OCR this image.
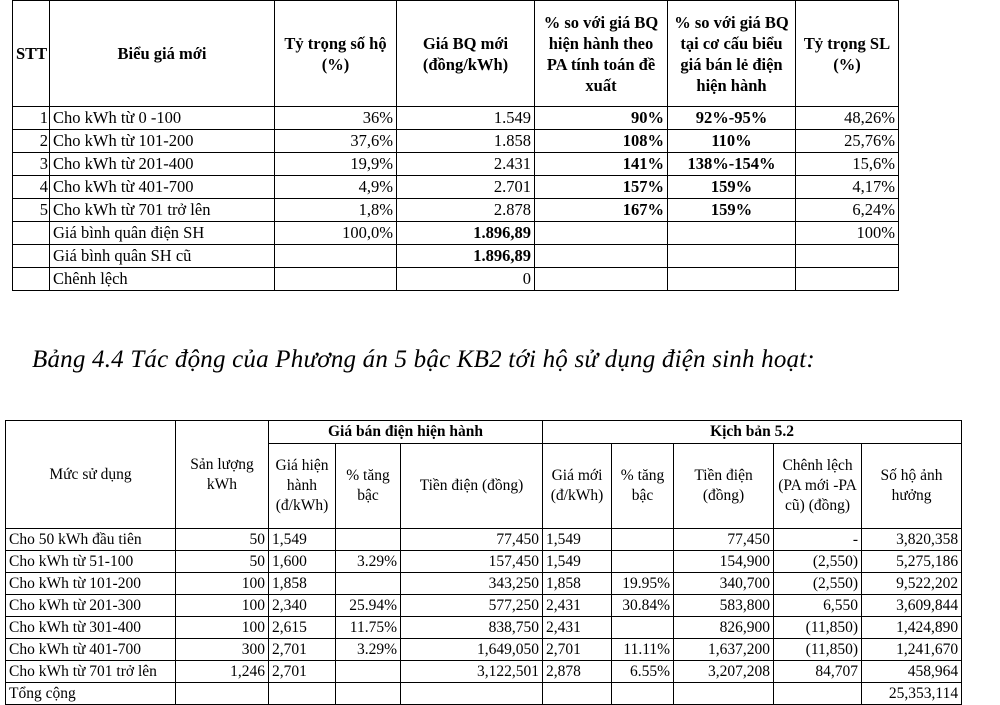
STT	Biểu giá mới	Tỷ trọng số hộ (%)	Giá BQ mới (đồng/kWh)	% so với giá BQ hiện hành theo PA tính toán đề xuất	% so với giá BQ tại cơ cấu biểu giá bán lẻ điện hiện hành	Tỷ trọng SL (%)
1	Cho kWh từ 0 -100	36%	1.549	90%	92%-95%	48,26%
2	Cho kWh từ 101-200	37,6%	1.858	108%	110%	25,76%
3	Cho kWh từ 201-400	19,9%	2.431	141%	138%-154%	15,6%
4	Cho kWh từ 401-700	4,9%	2.701	157%	159%	4,17%
5	Cho kWh từ 701 trở lên	1,8%	2.878	167%	159%	6,24%
	Giá bình quân điện SH	100,0%	1.896,89			100%
	Giá bình quân SH cũ		1.896,89			
	Chênh lệch		0			
Bảng 4.4 Tác động của Phương án 5 bậc KB2 tới hộ sử dụng điện sinh hoạt:
Mức sử dụng	Sản lượng kWh	Giá bán điện hiện hành			Kịch bản 5.2				
		Giá hiện hành (đ/kWh)	% tăng bậc	Tiền điện (đồng)	Giá mới (đ/kWh)	% tăng bậc	Tiền điện (đồng)	Chênh lệch (PA mới -PA cũ) (đồng)	Số hộ ảnh hưởng
Cho 50 kWh đầu tiên	50	1,549		77,450	1,549		77,450	-	3,820,358
Cho kWh từ 51-100	50	1,600	3.29%	157,450	1,549		154,900	(2,550)	5,275,186
Cho kWh từ 101-200	100	1,858		343,250	1,858	19.95%	340,700	(2,550)	9,522,202
Cho kWh từ 201-300	100	2,340	25.94%	577,250	2,431	30.84%	583,800	6,550	3,609,844
Cho kWh từ 301-400	100	2,615	11.75%	838,750	2,431		826,900	(11,850)	1,424,890
Cho kWh từ 401-700	300	2,701	3.29%	1,649,050	2,701	11.11%	1,637,200	(11,850)	1,241,670
Cho kWh từ 701 trở lên	1,246	2,701		3,122,501	2,878	6.55%	3,207,208	84,707	458,964
Tổng cộng									25,353,114
